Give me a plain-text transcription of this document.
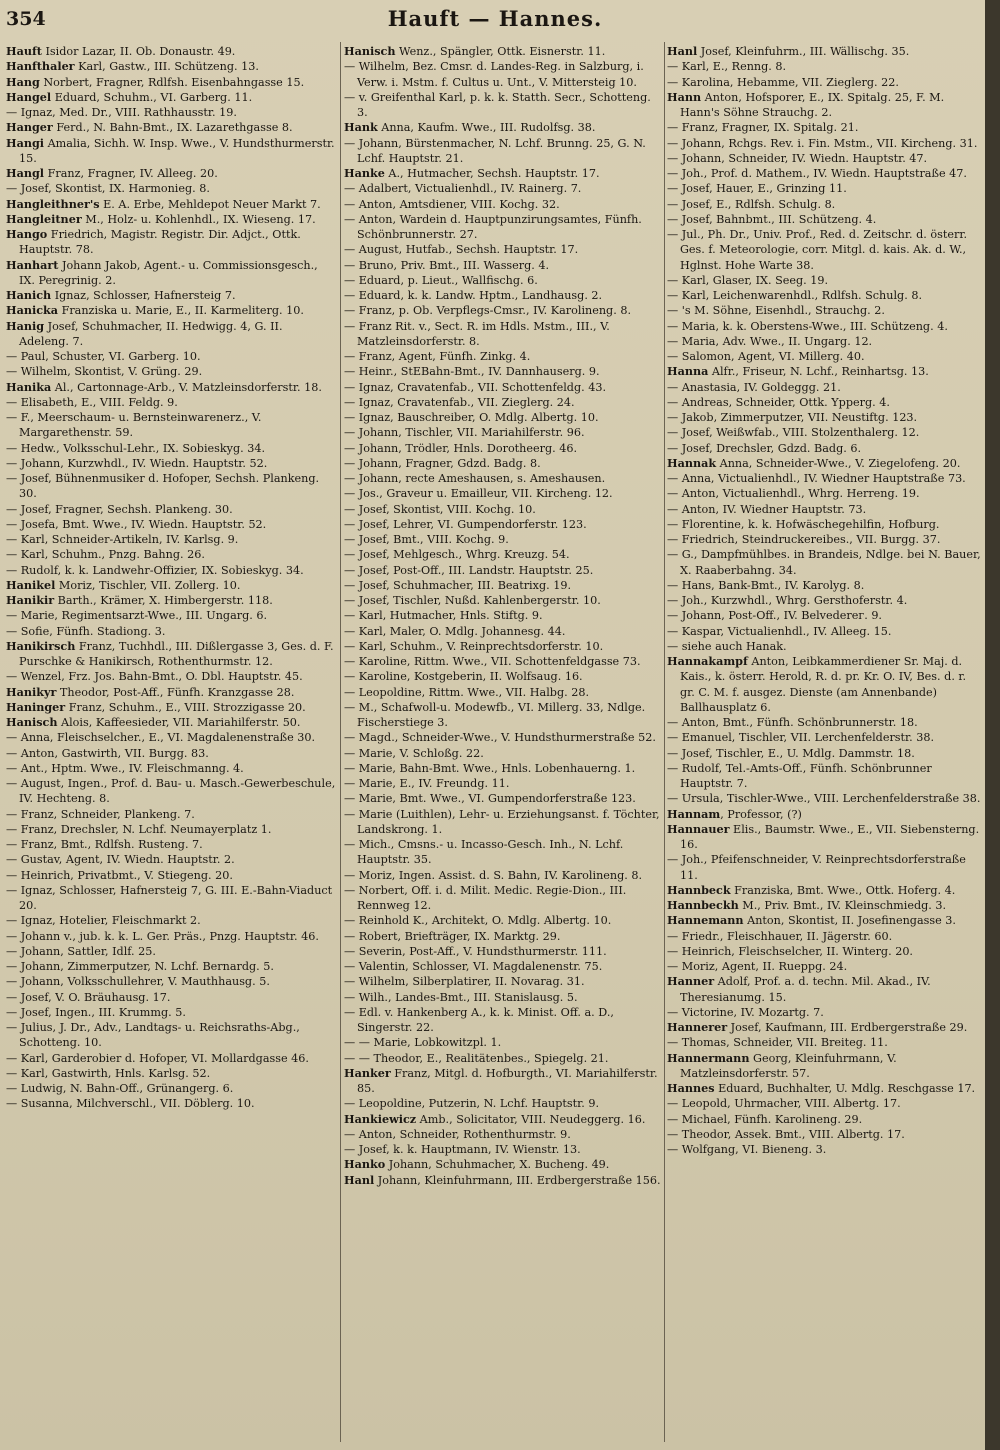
354	Hauft — Hannes.

Hauft Isidor Lazar, II. Ob. Donaustr. 49.

Hanfthaler Karl, Gastw., III. Schützeng. 13.

Hang Norbert, Fragner, Rdlfsh. Eisenbahngasse 15.

Hangel Eduard, Schuhm., VI. Garberg. 11.

— Ignaz, Med. Dr., VIII. Rathhausstr. 19.

Hanger Ferd., N. Bahn-Bmt., IX. Lazarethgasse 8.

Hangi Amalia, Sichh. W. Insp. Wwe., V. Hundsthurmerstr. 15.

Hangl Franz, Fragner, IV. Alleeg. 20.

— Josef, Skontist, IX. Harmonieg. 8.

Hangleithner's E. A. Erbe, Mehldepot Neuer Markt 7.

Hangleitner M., Holz- u. Kohlenhdl., IX. Wieseng. 17.

Hango Friedrich, Magistr. Registr. Dir. Adjct., Ottk. Hauptstr. 78.

Hanhart Johann Jakob, Agent.- u. Commissionsgesch., IX. Peregrinig. 2.

Hanich Ignaz, Schlosser, Hafnersteig 7.

Hanicka Franziska u. Marie, E., II. Karmeliterg. 10.

Hanig Josef, Schuhmacher, II. Hedwigg. 4, G. II. Adeleng. 7.

— Paul, Schuster, VI. Garberg. 10.

— Wilhelm, Skontist, V. Grüng. 29.

Hanika Al., Cartonnage-Arb., V. Matzleinsdorferstr. 18.

— Elisabeth, E., VIII. Feldg. 9.

— F., Meerschaum- u. Bernsteinwarenerz., V. Margarethenstr. 59.

— Hedw., Volksschul-Lehr., IX. Sobieskyg. 34.

— Johann, Kurzwhdl., IV. Wiedn. Hauptstr. 52.

— Josef, Bühnenmusiker d. Hofoper, Sechsh. Plankeng. 30.

— Josef, Fragner, Sechsh. Plankeng. 30.

— Josefa, Bmt. Wwe., IV. Wiedn. Hauptstr. 52.

— Karl, Schneider-Artikeln, IV. Karlsg. 9.

— Karl, Schuhm., Pnzg. Bahng. 26.

— Rudolf, k. k. Landwehr-Offizier, IX. Sobieskyg. 34.

Hanikel Moriz, Tischler, VII. Zollerg. 10.

Hanikir Barth., Krämer, X. Himbergerstr. 118.

— Marie, Regimentsarzt-Wwe., III. Ungarg. 6.

— Sofie, Fünfh. Stadiong. 3.

Hanikirsch Franz, Tuchhdl., III. Dißlergasse 3, Ges. d. F. Purschke & Hanikirsch, Rothenthurmstr. 12.

— Wenzel, Frz. Jos. Bahn-Bmt., O. Dbl. Hauptstr. 45.

Hanikyr Theodor, Post-Aff., Fünfh. Kranzgasse 28.

Haninger Franz, Schuhm., E., VIII. Strozzigasse 20.

Hanisch Alois, Kaffeesieder, VII. Mariahilferstr. 50.

— Anna, Fleischselcher., E., VI. Magdalenenstraße 30.

— Anton, Gastwirth, VII. Burgg. 83.

— Ant., Hptm. Wwe., IV. Fleischmanng. 4.

— August, Ingen., Prof. d. Bau- u. Masch.-Gewerbeschule, IV. Hechteng. 8.

— Franz, Schneider, Plankeng. 7.

— Franz, Drechsler, N. Lchf. Neumayerplatz 1.

— Franz, Bmt., Rdlfsh. Rusteng. 7.

— Gustav, Agent, IV. Wiedn. Hauptstr. 2.

— Heinrich, Privatbmt., V. Stiegeng. 20.

— Ignaz, Schlosser, Hafnersteig 7, G. III. E.-Bahn-Viaduct 20.

— Ignaz, Hotelier, Fleischmarkt 2.

— Johann v., jub. k. k. L. Ger. Präs., Pnzg. Hauptstr. 46.

— Johann, Sattler, Idlf. 25.

— Johann, Zimmerputzer, N. Lchf. Bernardg. 5.

— Johann, Volksschullehrer, V. Mauthhausg. 5.

— Josef, V. O. Bräuhausg. 17.

— Josef, Ingen., III. Krummg. 5.

— Julius, J. Dr., Adv., Landtags- u. Reichsraths-Abg., Schotteng. 10.

— Karl, Garderobier d. Hofoper, VI. Mollardgasse 46.

— Karl, Gastwirth, Hnls. Karlsg. 52.

— Ludwig, N. Bahn-Off., Grünangerg. 6.

— Susanna, Milchverschl., VII. Döblerg. 10.

Hanisch Wenz., Spängler, Ottk. Eisnerstr. 11.

— Wilhelm, Bez. Cmsr. d. Landes-Reg. in Salzburg, i. Verw. i. Mstm. f. Cultus u. Unt., V. Mittersteig 10.

— v. Greifenthal Karl, p. k. k. Statth. Secr., Schotteng. 3.

Hank Anna, Kaufm. Wwe., III. Rudolfsg. 38.

— Johann, Bürstenmacher, N. Lchf. Brunng. 25, G. N. Lchf. Hauptstr. 21.

Hanke A., Hutmacher, Sechsh. Hauptstr. 17.

— Adalbert, Victualienhdl., IV. Rainerg. 7.

— Anton, Amtsdiener, VIII. Kochg. 32.

— Anton, Wardein d. Hauptpunzirungsamtes, Fünfh. Schönbrunnerstr. 27.

— August, Hutfab., Sechsh. Hauptstr. 17.

— Bruno, Priv. Bmt., III. Wasserg. 4.

— Eduard, p. Lieut., Wallfischg. 6.

— Eduard, k. k. Landw. Hptm., Landhausg. 2.

— Franz, p. Ob. Verpflegs-Cmsr., IV. Karolineng. 8.

— Franz Rit. v., Sect. R. im Hdls. Mstm., III., V. Matzleinsdorferstr. 8.

— Franz, Agent, Fünfh. Zinkg. 4.

— Heinr., StEBahn-Bmt., IV. Dannhauserg. 9.

— Ignaz, Cravatenfab., VII. Schottenfeldg. 43.

— Ignaz, Cravatenfab., VII. Zieglerg. 24.

— Ignaz, Bauschreiber, O. Mdlg. Albertg. 10.

— Johann, Tischler, VII. Mariahilferstr. 96.

— Johann, Trödler, Hnls. Dorotheerg. 46.

— Johann, Fragner, Gdzd. Badg. 8.

— Johann, recte Ameshausen, s. Ameshausen.

— Jos., Graveur u. Emailleur, VII. Kircheng. 12.

— Josef, Skontist, VIII. Kochg. 10.

— Josef, Lehrer, VI. Gumpendorferstr. 123.

— Josef, Bmt., VIII. Kochg. 9.

— Josef, Mehlgesch., Whrg. Kreuzg. 54.

— Josef, Post-Off., III. Landstr. Hauptstr. 25.

— Josef, Schuhmacher, III. Beatrixg. 19.

— Josef, Tischler, Nußd. Kahlenbergerstr. 10.

— Karl, Hutmacher, Hnls. Stiftg. 9.

— Karl, Maler, O. Mdlg. Johannesg. 44.

— Karl, Schuhm., V. Reinprechtsdorferstr. 10.

— Karoline, Rittm. Wwe., VII. Schottenfeldgasse 73.

— Karoline, Kostgeberin, II. Wolfsaug. 16.

— Leopoldine, Rittm. Wwe., VII. Halbg. 28.

— M., Schafwoll-u. Modewfb., VI. Millerg. 33, Ndlge. Fischerstiege 3.

— Magd., Schneider-Wwe., V. Hundsthurmerstraße 52.

— Marie, V. Schloßg. 22.

— Marie, Bahn-Bmt. Wwe., Hnls. Lobenhauerng. 1.

— Marie, E., IV. Freundg. 11.

— Marie, Bmt. Wwe., VI. Gumpendorferstraße 123.

— Marie (Luithlen), Lehr- u. Erziehungsanst. f. Töchter, Landskrong. 1.

— Mich., Cmsns.- u. Incasso-Gesch. Inh., N. Lchf. Hauptstr. 35.

— Moriz, Ingen. Assist. d. S. Bahn, IV. Karolineng. 8.

— Norbert, Off. i. d. Milit. Medic. Regie-Dion., III. Rennweg 12.

— Reinhold K., Architekt, O. Mdlg. Albertg. 10.

— Robert, Briefträger, IX. Marktg. 29.

— Severin, Post-Aff., V. Hundsthurmerstr. 111.

— Valentin, Schlosser, VI. Magdalenenstr. 75.

— Wilhelm, Silberplatirer, II. Novarag. 31.

— Wilh., Landes-Bmt., III. Stanislausg. 5.

— Edl. v. Hankenberg A., k. k. Minist. Off. a. D., Singerstr. 22.

— — Marie, Lobkowitzpl. 1.

— — Theodor, E., Realitätenbes., Spiegelg. 21.

Hanker Franz, Mitgl. d. Hofburgth., VI. Mariahilferstr. 85.

— Leopoldine, Putzerin, N. Lchf. Hauptstr. 9.

Hankiewicz Amb., Solicitator, VIII. Neudeggerg. 16.

— Anton, Schneider, Rothenthurmstr. 9.

— Josef, k. k. Hauptmann, IV. Wienstr. 13.

Hanko Johann, Schuhmacher, X. Bucheng. 49.

Hanl Johann, Kleinfuhrmann, III. Erdbergerstraße 156.

Hanl Josef, Kleinfuhrm., III. Wällischg. 35.

— Karl, E., Renng. 8.

— Karolina, Hebamme, VII. Zieglerg. 22.

Hann Anton, Hofsporer, E., IX. Spitalg. 25, F. M. Hann's Söhne Strauchg. 2.

— Franz, Fragner, IX. Spitalg. 21.

— Johann, Rchgs. Rev. i. Fin. Mstm., VII. Kircheng. 31.

— Johann, Schneider, IV. Wiedn. Hauptstr. 47.

— Joh., Prof. d. Mathem., IV. Wiedn. Hauptstraße 47.

— Josef, Hauer, E., Grinzing 11.

— Josef, E., Rdlfsh. Schulg. 8.

— Josef, Bahnbmt., III. Schützeng. 4.

— Jul., Ph. Dr., Univ. Prof., Red. d. Zeitschr. d. österr. Ges. f. Meteorologie, corr. Mitgl. d. kais. Ak. d. W., Hglnst. Hohe Warte 38.

— Karl, Glaser, IX. Seeg. 19.

— Karl, Leichenwarenhdl., Rdlfsh. Schulg. 8.

— 's M. Söhne, Eisenhdl., Strauchg. 2.

— Maria, k. k. Oberstens-Wwe., III. Schützeng. 4.

— Maria, Adv. Wwe., II. Ungarg. 12.

— Salomon, Agent, VI. Millerg. 40.

Hanna Alfr., Friseur, N. Lchf., Reinhartsg. 13.

— Anastasia, IV. Goldeggg. 21.

— Andreas, Schneider, Ottk. Ypperg. 4.

— Jakob, Zimmerputzer, VII. Neustiftg. 123.

— Josef, Weißwfab., VIII. Stolzenthalerg. 12.

— Josef, Drechsler, Gdzd. Badg. 6.

Hannak Anna, Schneider-Wwe., V. Ziegelofeng. 20.

— Anna, Victualienhdl., IV. Wiedner Hauptstraße 73.

— Anton, Victualienhdl., Whrg. Herreng. 19.

— Anton, IV. Wiedner Hauptstr. 73.

— Florentine, k. k. Hofwäschegehilfin, Hofburg.

— Friedrich, Steindruckereibes., VII. Burgg. 37.

— G., Dampfmühlbes. in Brandeis, Ndlge. bei N. Bauer, X. Raaberbahng. 34.

— Hans, Bank-Bmt., IV. Karolyg. 8.

— Joh., Kurzwhdl., Whrg. Gersthoferstr. 4.

— Johann, Post-Off., IV. Belvederег. 9.

— Kaspar, Victualienhdl., IV. Alleeg. 15.

— siehe auch Hanak.

Hannakampf Anton, Leibkammerdiener Sr. Maj. d. Kais., k. österr. Herold, R. d. pr. Kr. O. IV, Bes. d. r. gr. C. M. f. ausgez. Dienste (am Annenbande) Ballhausplatz 6.

— Anton, Bmt., Fünfh. Schönbrunnerstr. 18.

— Emanuel, Tischler, VII. Lerchenfelderstr. 38.

— Josef, Tischler, E., U. Mdlg. Dammstr. 18.

— Rudolf, Tel.-Amts-Off., Fünfh. Schönbrunner Hauptstr. 7.

— Ursula, Tischler-Wwe., VIII. Lerchenfelderstraße 38.

Hannam, Professor, (?)

Hannauer Elis., Baumstr. Wwe., E., VII. Siebensterng. 16.

— Joh., Pfeifenschneider, V. Reinprechtsdorferstraße 11.

Hannbeck Franziska, Bmt. Wwe., Ottk. Hoferg. 4.

Hannbeckh M., Priv. Bmt., IV. Kleinschmiedg. 3.

Hannemann Anton, Skontist, II. Josefinengasse 3.

— Friedr., Fleischhauer, II. Jägerstr. 60.

— Heinrich, Fleischselcher, II. Winterg. 20.

— Moriz, Agent, II. Rueppg. 24.

Hanner Adolf, Prof. a. d. techn. Mil. Akad., IV. Theresianumg. 15.

— Victorine, IV. Mozartg. 7.

Hannerer Josef, Kaufmann, III. Erdbergerstraße 29.

— Thomas, Schneider, VII. Breiteg. 11.

Hannermann Georg, Kleinfuhrmann, V. Matzleinsdorferstr. 57.

Hannes Eduard, Buchhalter, U. Mdlg. Reschgasse 17.

— Leopold, Uhrmacher, VIII. Albertg. 17.

— Michael, Fünfh. Karolineng. 29.

— Theodor, Assek. Bmt., VIII. Albertg. 17.

— Wolfgang, VI. Bieneng. 3.
